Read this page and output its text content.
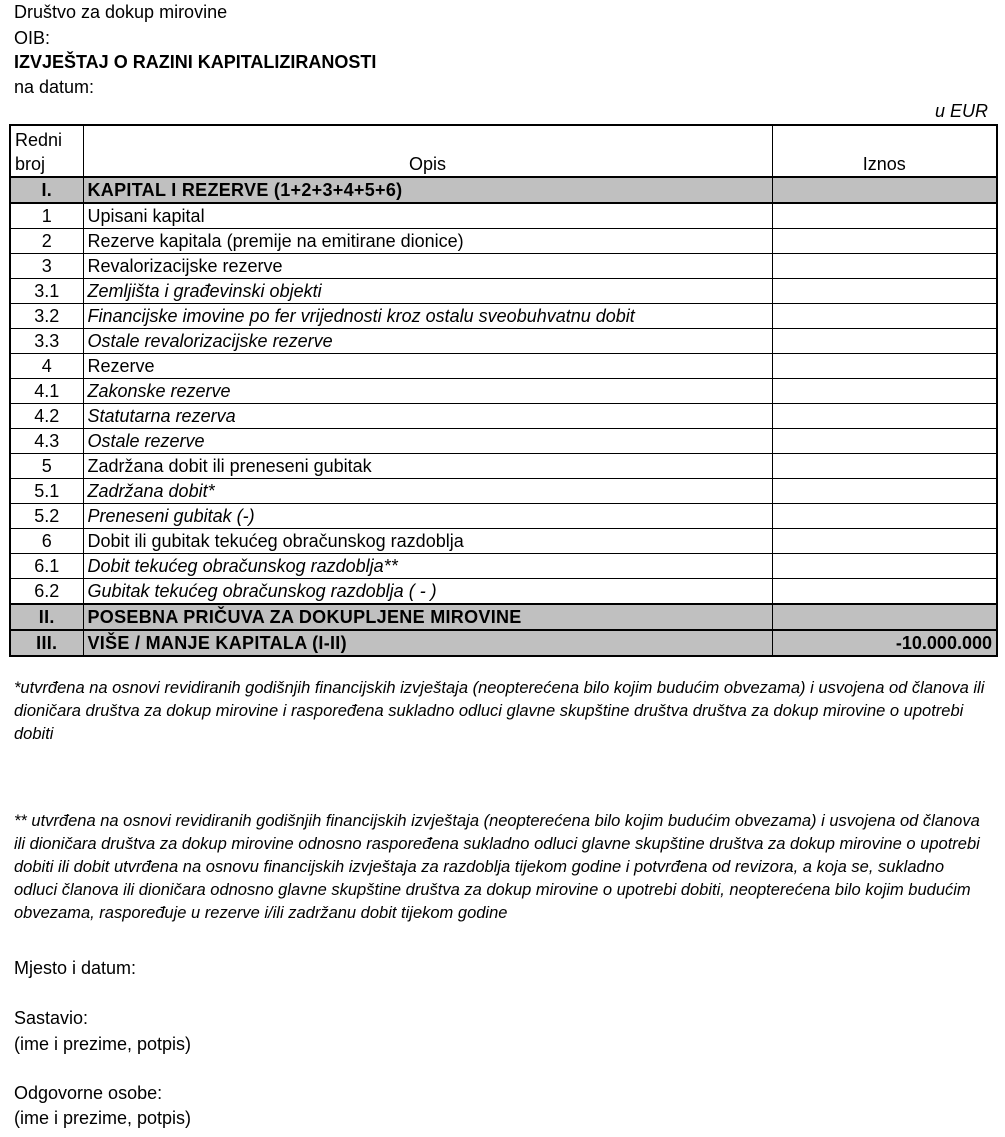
Društvo za dokup mirovine
OIB:
IZVJEŠTAJ O RAZINI KAPITALIZIRANOSTI
na datum:
u EUR
Redni broj	Opis	Iznos
I.	KAPITAL I REZERVE (1+2+3+4+5+6)	
1	Upisani kapital	
2	Rezerve kapitala (premije na emitirane dionice)	
3	Revalorizacijske rezerve	
3.1	Zemljišta i građevinski objekti	
3.2	Financijske imovine po fer vrijednosti kroz ostalu sveobuhvatnu dobit	
3.3	Ostale revalorizacijske rezerve	
4	Rezerve	
4.1	Zakonske rezerve	
4.2	Statutarna rezerva	
4.3	Ostale rezerve	
5	Zadržana dobit ili preneseni gubitak	
5.1	Zadržana dobit*	
5.2	Preneseni gubitak (-)	
6	Dobit ili gubitak tekućeg obračunskog razdoblja	
6.1	Dobit tekućeg obračunskog razdoblja**	
6.2	Gubitak tekućeg obračunskog razdoblja ( - )	
II.	POSEBNA PRIČUVA ZA DOKUPLJENE MIROVINE	
III.	VIŠE / MANJE KAPITALA (I-II)	-10.000.000
*utvrđena na osnovi revidiranih godišnjih financijskih izvještaja (neopterećena bilo kojim budućim obvezama) i usvojena od članova ili dioničara društva za dokup mirovine i raspoređena sukladno odluci glavne skupštine društva društva za dokup mirovine o upotrebi dobiti
** utvrđena na osnovi revidiranih godišnjih financijskih izvještaja (neopterećena bilo kojim budućim obvezama) i usvojena od članova ili dioničara društva za dokup mirovine odnosno raspoređena sukladno odluci glavne skupštine društva za dokup mirovine o upotrebi dobiti ili dobit utvrđena na osnovu financijskih izvještaja za razdoblja tijekom godine i potvrđena od revizora, a koja se, sukladno odluci članova ili dioničara odnosno glavne skupštine društva za dokup mirovine o upotrebi dobiti, neopterećena bilo kojim budućim obvezama, raspoređuje u rezerve i/ili zadržanu dobit tijekom godine
Mjesto i datum:
Sastavio:
(ime i prezime, potpis)
Odgovorne osobe:
(ime i prezime, potpis)
